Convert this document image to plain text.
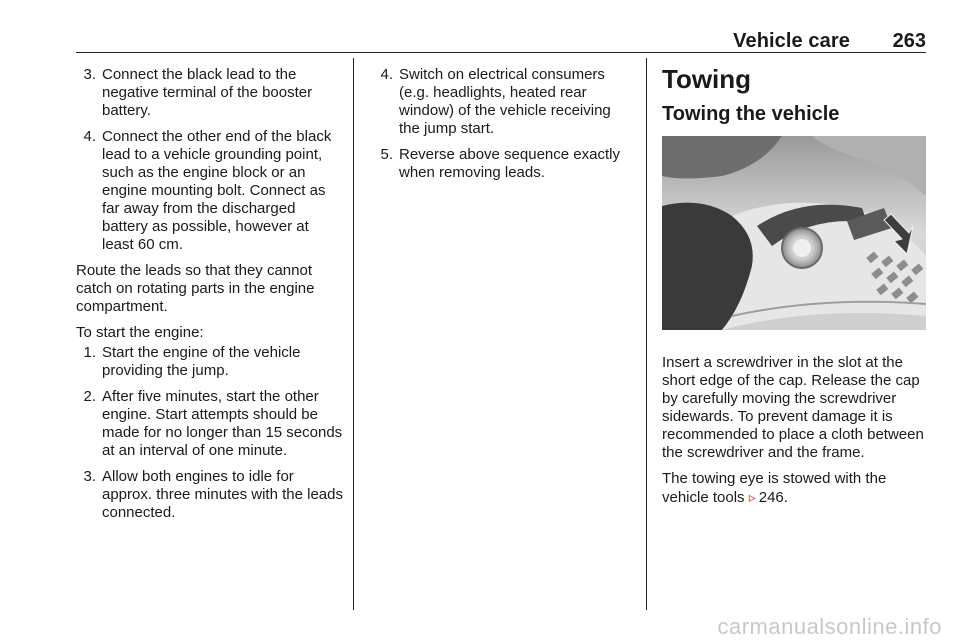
Vehicle care	263
3. Connect the black lead to the negative terminal of the booster battery.
4. Connect the other end of the black lead to a vehicle grounding point, such as the engine block or an engine mounting bolt. Connect as far away from the discharged battery as possible, however at least 60 cm.

Route the leads so that they cannot catch on rotating parts in the engine compartment.

To start the engine:

1. Start the engine of the vehicle providing the jump.
2. After five minutes, start the other engine. Start attempts should be made for no longer than 15 seconds at an interval of one minute.
3. Allow both engines to idle for approx. three minutes with the leads connected.
4. Switch on electrical consumers (e.g. headlights, heated rear window) of the vehicle receiving the jump start.
5. Reverse above sequence exactly when removing leads.
Towing
Towing the vehicle

Insert a screwdriver in the slot at the short edge of the cap. Release the cap by carefully moving the screwdriver sidewards. To prevent damage it is recommended to place a cloth between the screwdriver and the frame.

The towing eye is stowed with the vehicle tools ▹ 246.

carmanualsonline.info
